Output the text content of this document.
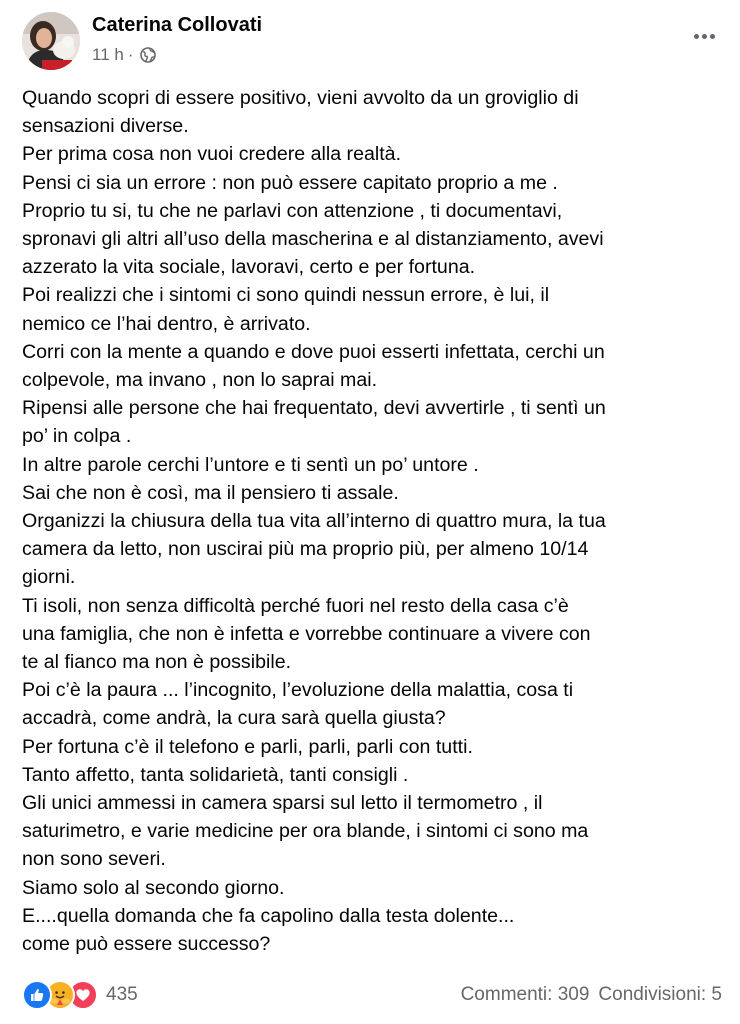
Caterina Collovati
11 h ·

Quando scopri di essere positivo, vieni avvolto da un groviglio di

sensazioni diverse.

Per prima cosa non vuoi credere alla realtà.

Pensi ci sia un errore : non può essere capitato proprio a me .

Proprio tu si, tu che ne parlavi con attenzione , ti documentavi,

spronavi gli altri all’uso della mascherina e al distanziamento, avevi

azzerato la vita sociale, lavoravi, certo e per fortuna.

Poi realizzi che i sintomi ci sono quindi nessun errore, è lui, il

nemico ce l’hai dentro, è arrivato.

Corri con la mente a quando e dove puoi esserti infettata, cerchi un

colpevole, ma invano , non lo saprai mai.

Ripensi alle persone che hai frequentato, devi avvertirle , ti sentì un

po’ in colpa .

In altre parole cerchi l’untore e ti sentì un po’ untore .

Sai che non è così, ma il pensiero ti assale.

Organizzi la chiusura della tua vita all’interno di quattro mura, la tua

camera da letto, non uscirai più ma proprio più, per almeno 10/14

giorni.

Ti isoli, non senza difficoltà perché fuori nel resto della casa c’è

una famiglia, che non è infetta e vorrebbe continuare a vivere con

te al fianco ma non è possibile.

Poi c’è la paura ... l’incognito, l’evoluzione della malattia, cosa ti

accadrà, come andrà, la cura sarà quella giusta?

Per fortuna c’è il telefono e parli, parli, parli con tutti.

Tanto affetto, tanta solidarietà, tanti consigli .

Gli unici ammessi in camera sparsi sul letto il termometro , il

saturimetro, e varie medicine per ora blande, i sintomi ci sono ma

non sono severi.

Siamo solo al secondo giorno.

E....quella domanda che fa capolino dalla testa dolente...

come può essere successo?

435	Commenti: 309 Condivisioni: 5
